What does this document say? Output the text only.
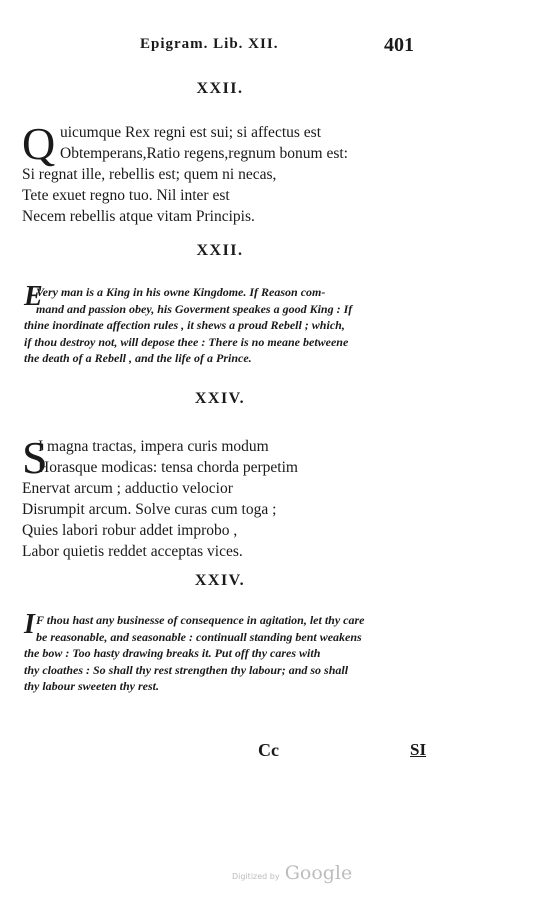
Epigram. Lib. XII.	401
XXII.
Q uicumque Rex regni est sui; si affectus est
Obtemperans,Ratio regens,regnum bonum est:
Si regnat ille, rebellis est; quem ni necas,
Tete exuet regno tuo. Nil inter est
Necem rebellis atque vitam Principis.
XXII.
E
Very man is a King in his owne Kingdome. If Reason com-
mand and passion obey, his Goverment speakes a good King : If
thine inordinate affection rules , it shews a proud Rebell ; which,
if thou destroy not, will depose thee : There is no meane betweene
the death of a Rebell , and the life of a Prince.
XXIV.
S
I magna tractas, impera curis modum
Horasque modicas: tensa chorda perpetim
Enervat arcum ; adductio velocior
Disrumpit arcum. Solve curas cum toga ;
Quies labori robur addet improbo ,
Labor quietis reddet acceptas vices.
XXIV.
I F thou hast any businesse of consequence in agitation, let thy care
be reasonable, and seasonable : continuall standing bent weakens
the bow : Too hasty drawing breaks it. Put off thy cares with
thy cloathes : So shall thy rest strengthen thy labour; and so shall
thy labour sweeten thy rest.
Cc	SI
Digitized by Google
